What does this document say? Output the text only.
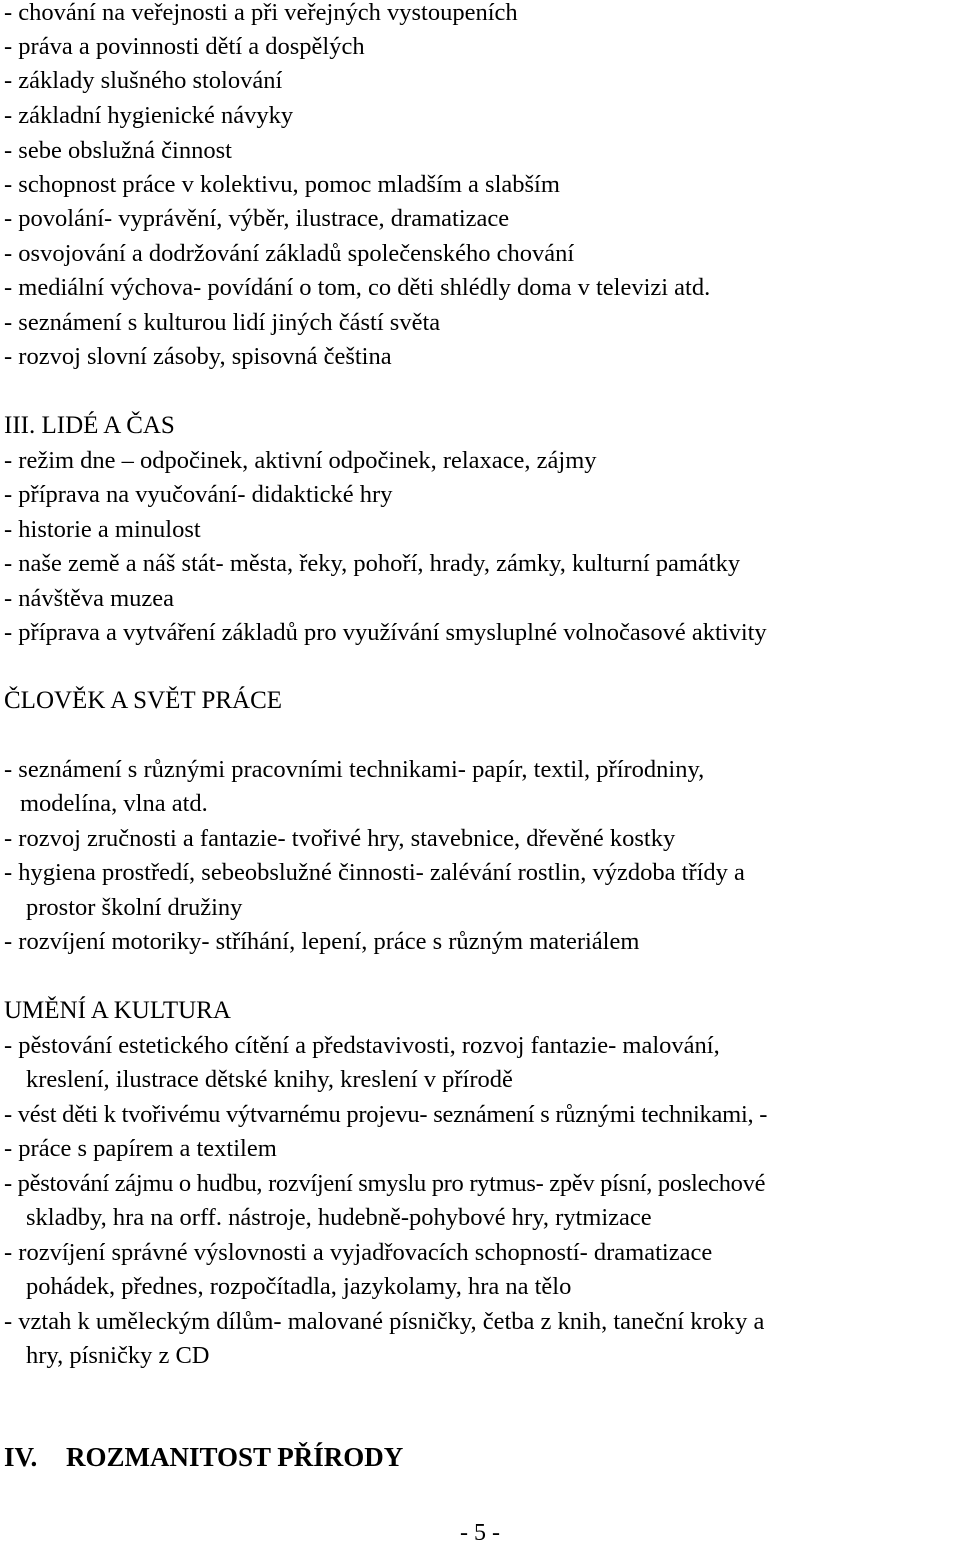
- chování na veřejnosti a při veřejných vystoupeních
- práva a povinnosti dětí a dospělých
- základy slušného stolování
- základní hygienické návyky
- sebe obslužná činnost
- schopnost práce v kolektivu, pomoc mladším a slabším
- povolání- vyprávění, výběr, ilustrace, dramatizace
- osvojování a dodržování základů společenského chování
- mediální výchova- povídání o tom, co děti shlédly doma v televizi atd.
- seznámení s kulturou lidí jiných částí světa
- rozvoj slovní zásoby, spisovná čeština
III. LIDÉ A ČAS
- režim dne – odpočinek, aktivní odpočinek, relaxace, zájmy
- příprava na vyučování- didaktické hry
- historie a minulost
- naše země a náš stát- města, řeky, pohoří, hrady, zámky, kulturní památky
- návštěva muzea
- příprava a vytváření základů pro využívání smysluplné volnočasové aktivity
ČLOVĚK A SVĚT PRÁCE
- seznámení s různými pracovními technikami- papír, textil, přírodniny,
modelína, vlna atd.
- rozvoj zručnosti a fantazie- tvořivé hry, stavebnice, dřevěné kostky
- hygiena prostředí, sebeobslužné činnosti- zalévání rostlin, výzdoba třídy a
prostor školní družiny
- rozvíjení motoriky- stříhání, lepení, práce s různým materiálem
UMĚNÍ A KULTURA
- pěstování estetického cítění a představivosti, rozvoj fantazie- malování,
kreslení, ilustrace dětské knihy, kreslení v přírodě
- vést děti k tvořivému výtvarnému projevu- seznámení s různými technikami, -
- práce s papírem a textilem
- pěstování zájmu o hudbu, rozvíjení smyslu pro rytmus- zpěv písní, poslechové
skladby, hra na orff. nástroje, hudebně-pohybové hry, rytmizace
- rozvíjení správné výslovnosti a vyjadřovacích schopností- dramatizace
pohádek, přednes, rozpočítadla, jazykolamy, hra na tělo
- vztah k uměleckým dílům- malované písničky, četba z knih, taneční kroky a
hry, písničky z CD
IV. ROZMANITOST PŘÍRODY
- 5 -
